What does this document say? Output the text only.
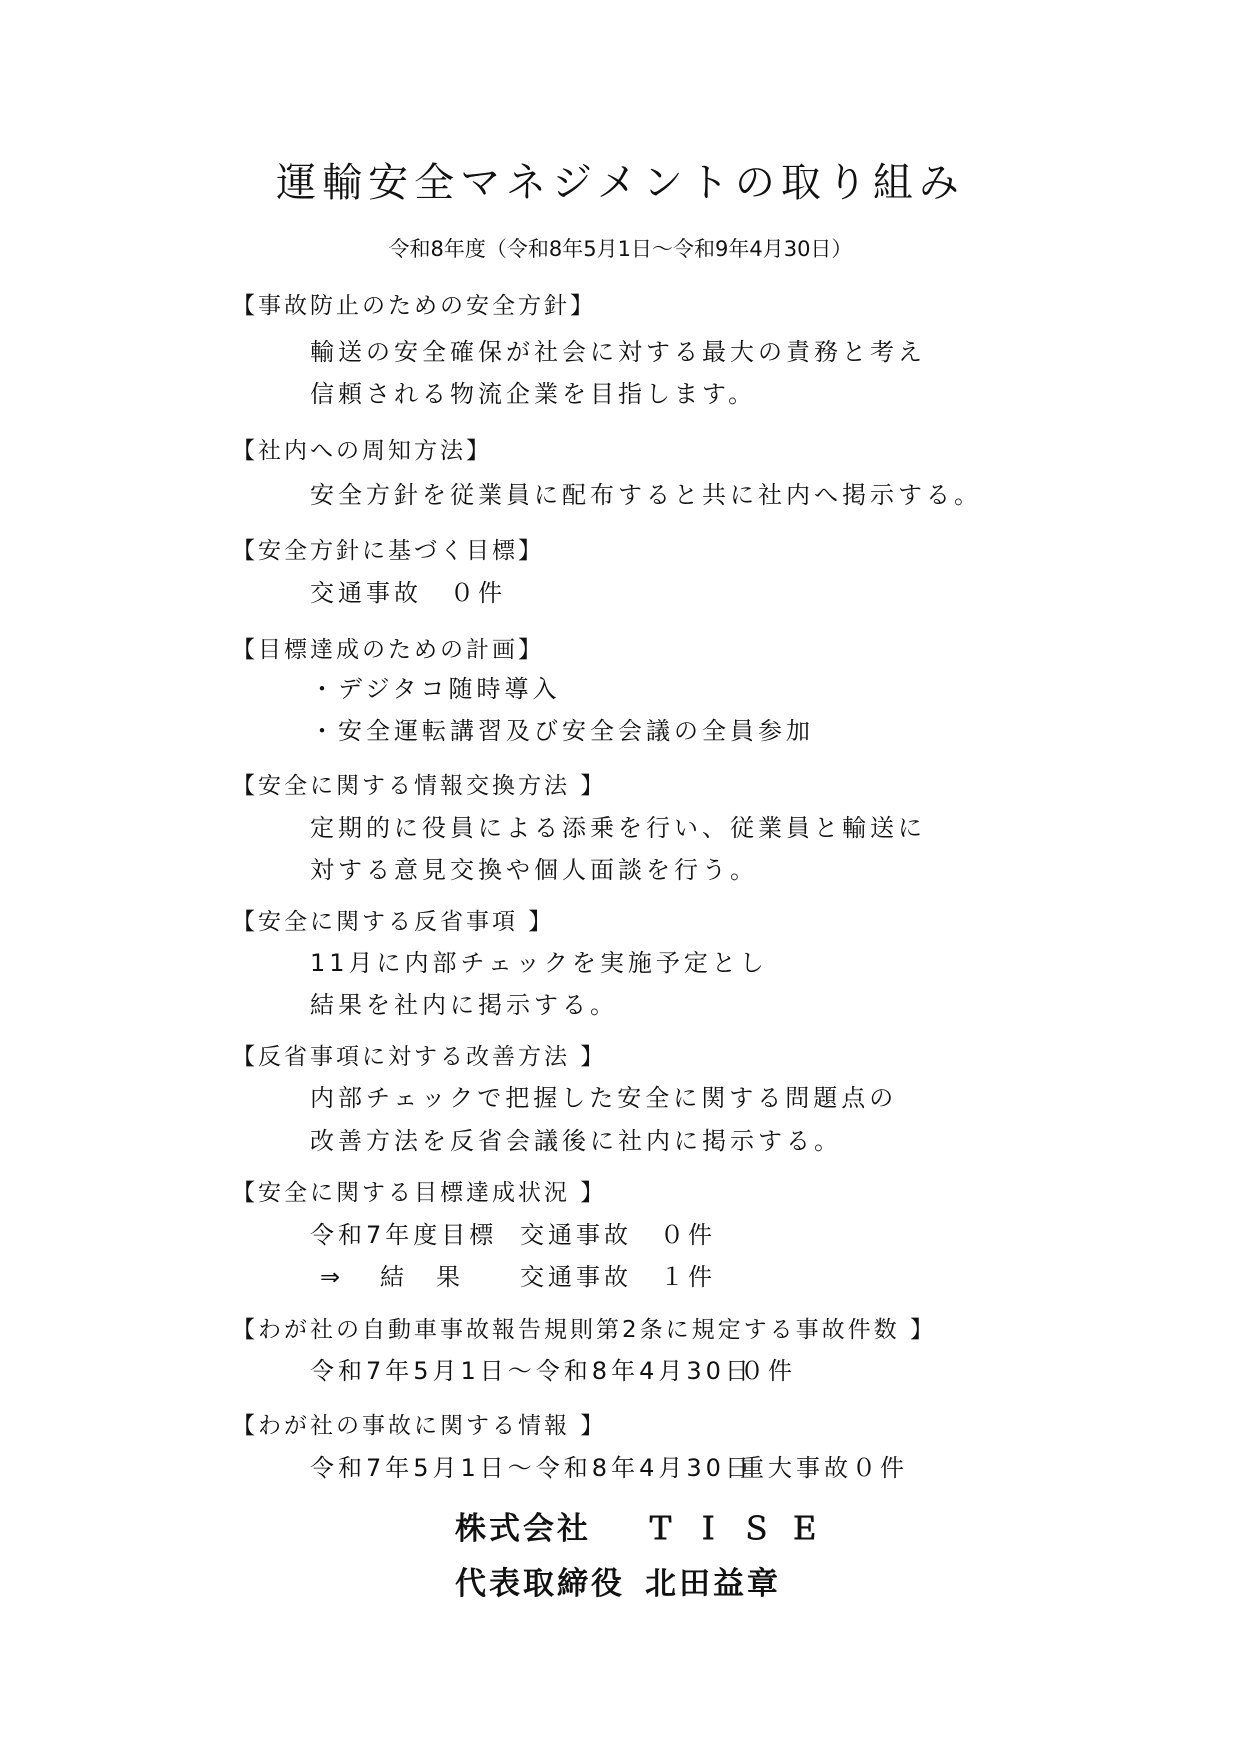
運輸安全マネジメントの取り組み
令和8年度（令和8年5月1日～令和9年4月30日）
【事故防止のための安全方針】
輸送の安全確保が社会に対する最大の責務と考え
信頼される物流企業を目指します。
【社内への周知方法】
安全方針を従業員に配布すると共に社内へ掲示する。
【安全方針に基づく目標】
交通事故　０件
【目標達成のための計画】
・デジタコ随時導入
・安全運転講習及び安全会議の全員参加
【安全に関する情報交換方法 】
定期的に役員による添乗を行い、従業員と輸送に
対する意見交換や個人面談を行う。
【安全に関する反省事項 】
11月に内部チェックを実施予定とし
結果を社内に掲示する。
【反省事項に対する改善方法 】
内部チェックで把握した安全に関する問題点の
改善方法を反省会議後に社内に掲示する。
【安全に関する目標達成状況 】
令和7年度目標 交通事故 ０件
⇒ 結　果 交通事故 １件
【わが社の自動車事故報告規則第2条に規定する事故件数 】
令和7年5月1日～令和8年4月30日０件
【わが社の事故に関する情報 】
令和7年5月1日～令和8年4月30日重大事故０件
株式会社 Ｔ Ｉ Ｓ Ｅ
代表取締役 北田益章
